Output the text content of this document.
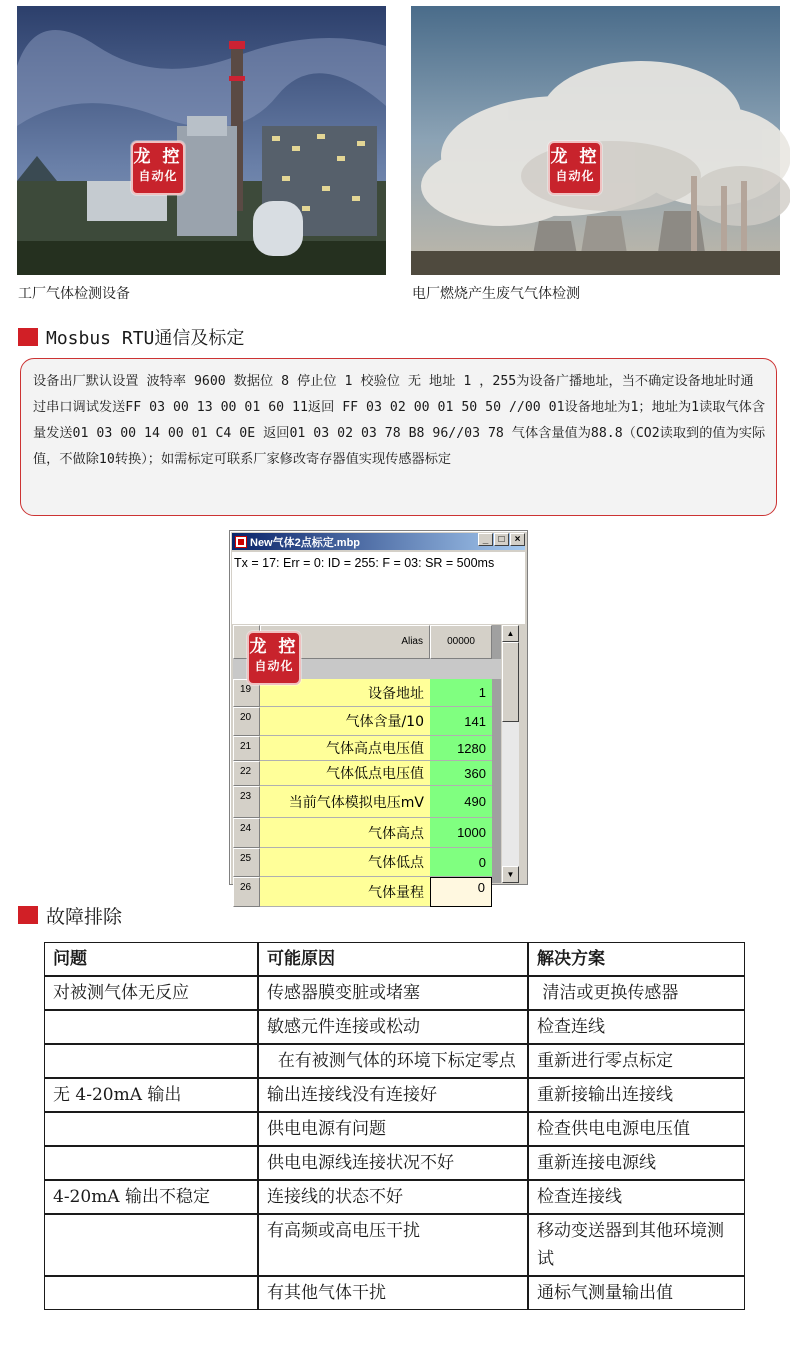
龙 控
自动化
工厂气体检测设备
龙 控
自动化
电厂燃烧产生废气气体检测
Mosbus RTU通信及标定

设备出厂默认设置 波特率 9600 数据位 8 停止位 1 校验位 无 地址 1 ，255为设备广播地址，当不确定设备地址时通过串口调试发送FF 03 00 13 00 01 60 11返回 FF 03 02 00 01 50 50 //00 01设备地址为1；地址为1读取气体含量发送01 03 00 14 00 01 C4 0E 返回01 03 02 03 78 B8 96//03 78 气体含量值为88.8（CO2读取到的值为实际值，不做除10转换）；如需标定可联系厂家修改寄存器值实现传感器标定

New气体2点标定.mbp	_	□	×
Tx = 17: Err = 0: ID = 255: F = 03: SR = 500ms
Alias	00000
19	设备地址	1
20	气体含量/10	141
21	气体高点电压值	1280
22	气体低点电压值	360
23	当前气体模拟电压mV	490
24	气体高点	1000
25	气体低点	0
26	气体量程	0
▲
▼
龙 控
自动化
故障排除
问题	可能原因	解决方案
对被测气体无反应	传感器膜变脏或堵塞	清洁或更换传感器
	敏感元件连接或松动	检查连线
	在有被测气体的环境下标定零点	重新进行零点标定
无 4-20mA 输出	输出连接线没有连接好	重新接输出连接线
	供电电源有问题	检查供电电源电压值
	供电电源线连接状况不好	重新连接电源线
4-20mA 输出不稳定	连接线的状态不好	检查连接线
	有高频或高电压干扰	移动变送器到其他环境测试
	有其他气体干扰	通标气测量输出值
